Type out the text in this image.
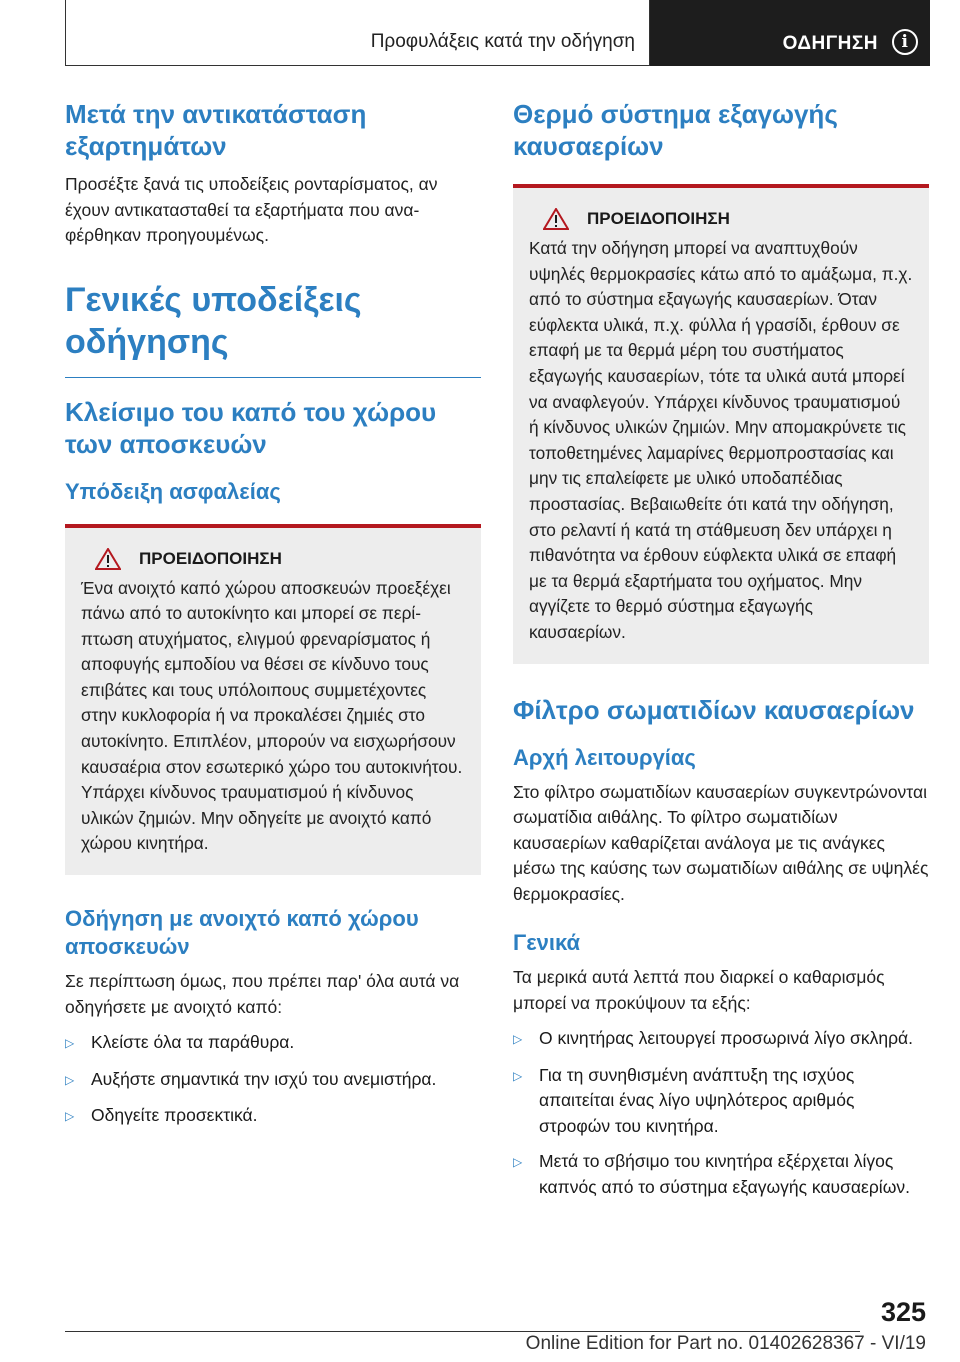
Προφυλάξεις κατά την οδήγηση	ΟΔΗΓΗΣΗ	i
Μετά την αντικατάσταση εξαρτημάτων

Προσέξτε ξανά τις υποδείξεις ρονταρίσματος, αν έχουν αντικατασταθεί τα εξαρτήματα που αναφέρθηκαν προηγουμένως.

Γενικές υποδείξεις οδήγησης
Κλείσιμο του καπό του χώρου των αποσκευών
Υπόδειξη ασφαλείας
ΠΡΟΕΙΔΟΠΟΙΗΣΗ

Ένα ανοιχτό καπό χώρου αποσκευών προεξέχει πάνω από το αυτοκίνητο και μπορεί σε περίπτωση ατυχήματος, ελιγμού φρεναρίσματος ή αποφυγής εμποδίου να θέσει σε κίνδυνο τους επιβάτες και τους υπόλοιπους συμμετέχοντες στην κυκλοφορία ή να προκαλέσει ζημιές στο αυτοκίνητο. Επιπλέον, μπορούν να εισχωρήσουν καυσαέρια στον εσωτερικό χώρο του αυτοκινήτου. Υπάρχει κίνδυνος τραυματισμού ή κίνδυνος υλικών ζημιών. Μην οδηγείτε με ανοιχτό καπό χώρου κινητήρα.

Οδήγηση με ανοιχτό καπό χώρου αποσκευών

Σε περίπτωση όμως, που πρέπει παρ' όλα αυτά να οδηγήσετε με ανοιχτό καπό:

▷ Κλείστε όλα τα παράθυρα.
▷ Αυξήστε σημαντικά την ισχύ του ανεμιστήρα.
▷ Οδηγείτε προσεκτικά.
Θερμό σύστημα εξαγωγής καυσαερίων
ΠΡΟΕΙΔΟΠΟΙΗΣΗ

Κατά την οδήγηση μπορεί να αναπτυχθούν υψηλές θερμοκρασίες κάτω από το αμάξωμα, π.χ. από το σύστημα εξαγωγής καυσαερίων. Όταν εύφλεκτα υλικά, π.χ. φύλλα ή γρασίδι, έρθουν σε επαφή με τα θερμά μέρη του συστήματος εξαγωγής καυσαερίων, τότε τα υλικά αυτά μπορεί να αναφλεγούν. Υπάρχει κίνδυνος τραυματισμού ή κίνδυνος υλικών ζημιών. Μην απομακρύνετε τις τοποθετημένες λαμαρίνες θερμοπροστασίας και μην τις επαλείφετε με υλικό υποδαπέδιας προστασίας. Βεβαιωθείτε ότι κατά την οδήγηση, στο ρελαντί ή κατά τη στάθμευση δεν υπάρχει η πιθανότητα να έρθουν εύφλεκτα υλικά σε επαφή με τα θερμά εξαρτήματα του οχήματος. Μην αγγίζετε το θερμό σύστημα εξαγωγής καυσαερίων.

Φίλτρο σωματιδίων καυσαερίων
Αρχή λειτουργίας

Στο φίλτρο σωματιδίων καυσαερίων συγκεντρώνονται σωματίδια αιθάλης. Το φίλτρο σωματιδίων καυσαερίων καθαρίζεται ανάλογα με τις ανάγκες μέσω της καύσης των σωματιδίων αιθάλης σε υψηλές θερμοκρασίες.

Γενικά

Τα μερικά αυτά λεπτά που διαρκεί ο καθαρισμός μπορεί να προκύψουν τα εξής:

▷ Ο κινητήρας λειτουργεί προσωρινά λίγο σκληρά.
▷ Για τη συνηθισμένη ανάπτυξη της ισχύος απαιτείται ένας λίγο υψηλότερος αριθμός στροφών του κινητήρα.
▷ Μετά το σβήσιμο του κινητήρα εξέρχεται λίγος καπνός από το σύστημα εξαγωγής καυσαερίων.
325
Online Edition for Part no. 01402628367 - VI/19
